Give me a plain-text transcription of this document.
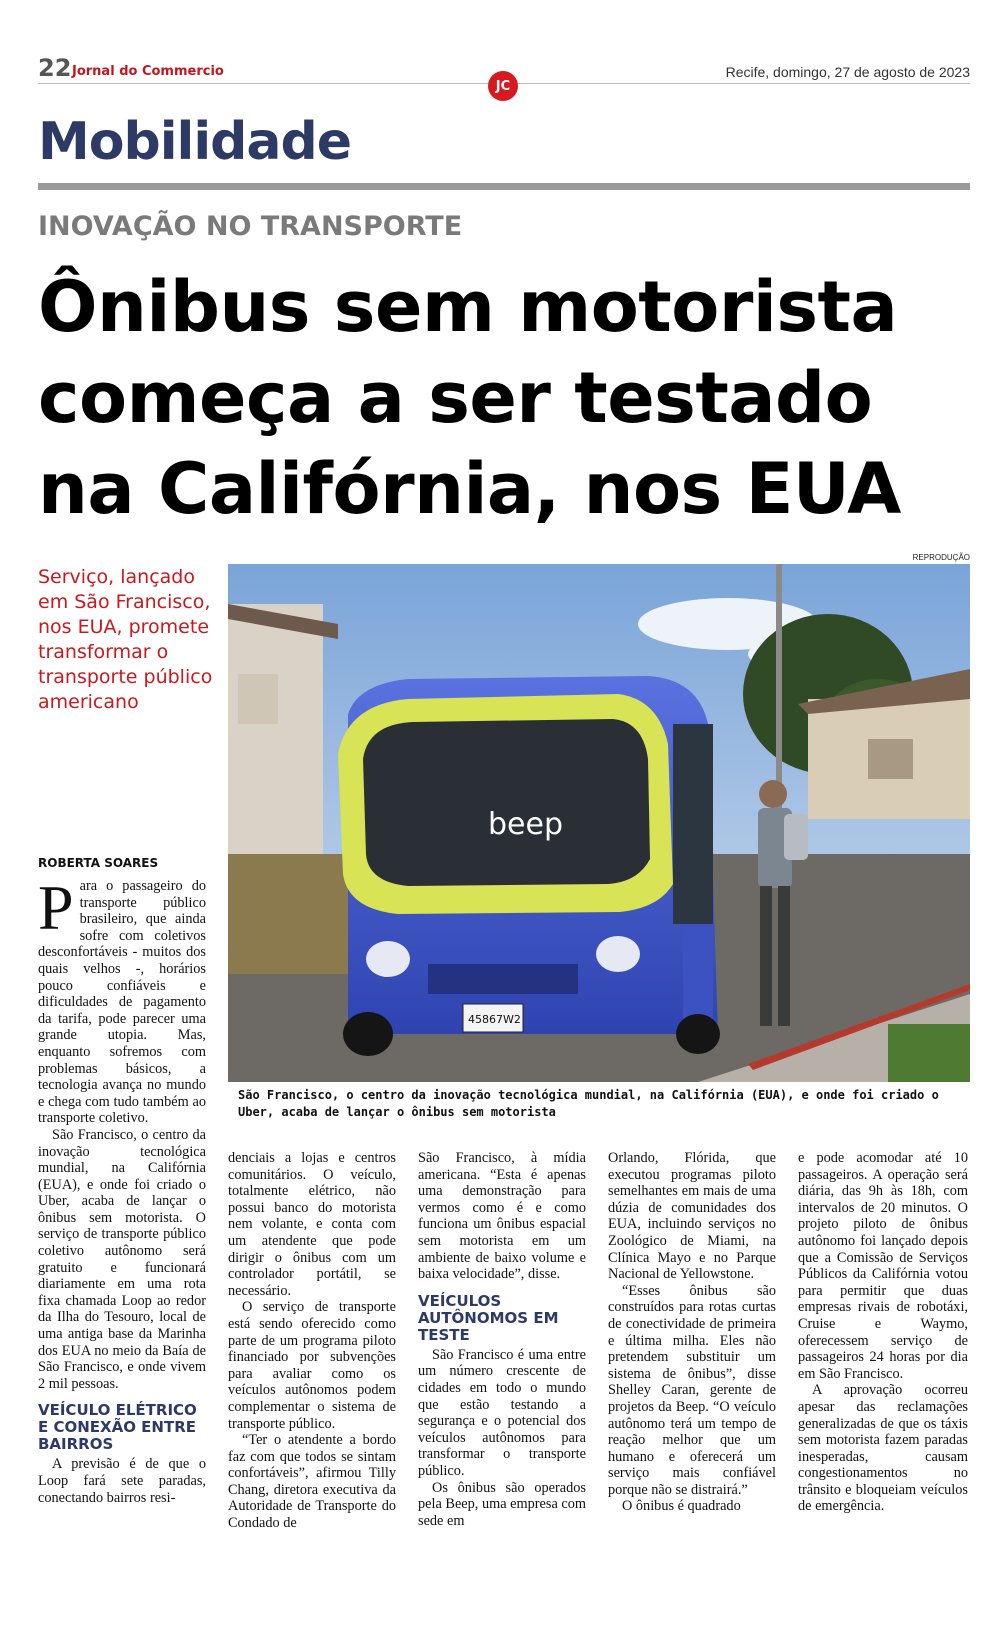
22 Jornal do Commercio	Recife, domingo, 27 de agosto de 2023
JC
Mobilidade
INOVAÇÃO NO TRANSPORTE
Ônibus sem motorista começa a ser testado na Califórnia, nos EUA
REPRODUÇÃO
Serviço, lançado em São Francisco, nos EUA, promete transformar o transporte público americano
ROBERTA SOARES
beep
45867W2
São Francisco, o centro da inovação tecnológica mundial, na Califórnia (EUA), e onde foi criado o Uber, acaba de lançar o ônibus sem motorista

Para o passageiro do transporte público brasileiro, que ainda sofre com coletivos desconfortáveis - muitos dos quais velhos -, horários pouco confiáveis e dificuldades de pagamento da tarifa, pode parecer uma grande utopia. Mas, enquanto sofremos com problemas básicos, a tecnologia avança no mundo e chega com tudo também ao transporte coletivo.

São Francisco, o centro da inovação tecnológica mundial, na Califórnia (EUA), e onde foi criado o Uber, acaba de lançar o ônibus sem motorista. O serviço de transporte público coletivo autônomo será gratuito e funcionará diariamente em uma rota fixa chamada Loop ao redor da Ilha do Tesouro, local de uma antiga base da Marinha dos EUA no meio da Baía de São Francisco, e onde vivem 2 mil pessoas.

VEÍCULO ELÉTRICO E CONEXÃO ENTRE BAIRROS

A previsão é de que o Loop fará sete paradas, conectando bairros resi-

denciais a lojas e centros comunitários. O veículo, totalmente elétrico, não possui banco do motorista nem volante, e conta com um atendente que pode dirigir o ônibus com um controlador portátil, se necessário.

O serviço de transporte está sendo oferecido como parte de um programa piloto financiado por subvenções para avaliar como os veículos autônomos podem complementar o sistema de transporte público.

“Ter o atendente a bordo faz com que todos se sintam confortáveis”, afirmou Tilly Chang, diretora executiva da Autoridade de Transporte do Condado de

São Francisco, à mídia americana. “Esta é apenas uma demonstração para vermos como é e como funciona um ônibus espacial sem motorista em um ambiente de baixo volume e baixa velocidade”, disse.

VEÍCULOS AUTÔNOMOS EM TESTE

São Francisco é uma entre um número crescente de cidades em todo o mundo que estão testando a segurança e o potencial dos veículos autônomos para transformar o transporte público.

Os ônibus são operados pela Beep, uma empresa com sede em

Orlando, Flórida, que executou programas piloto semelhantes em mais de uma dúzia de comunidades dos EUA, incluindo serviços no Zoológico de Miami, na Clínica Mayo e no Parque Nacional de Yellowstone.

“Esses ônibus são construídos para rotas curtas de conectividade de primeira e última milha. Eles não pretendem substituir um sistema de ônibus”, disse Shelley Caran, gerente de projetos da Beep. “O veículo autônomo terá um tempo de reação melhor que um humano e oferecerá um serviço mais confiável porque não se distrairá.”

O ônibus é quadrado

e pode acomodar até 10 passageiros. A operação será diária, das 9h às 18h, com intervalos de 20 minutos. O projeto piloto de ônibus autônomo foi lançado depois que a Comissão de Serviços Públicos da Califórnia votou para permitir que duas empresas rivais de robotáxi, Cruise e Waymo, oferecessem serviço de passageiros 24 horas por dia em São Francisco.

A aprovação ocorreu apesar das reclamações generalizadas de que os táxis sem motorista fazem paradas inesperadas, causam congestionamentos no trânsito e bloqueiam veículos de emergência.
